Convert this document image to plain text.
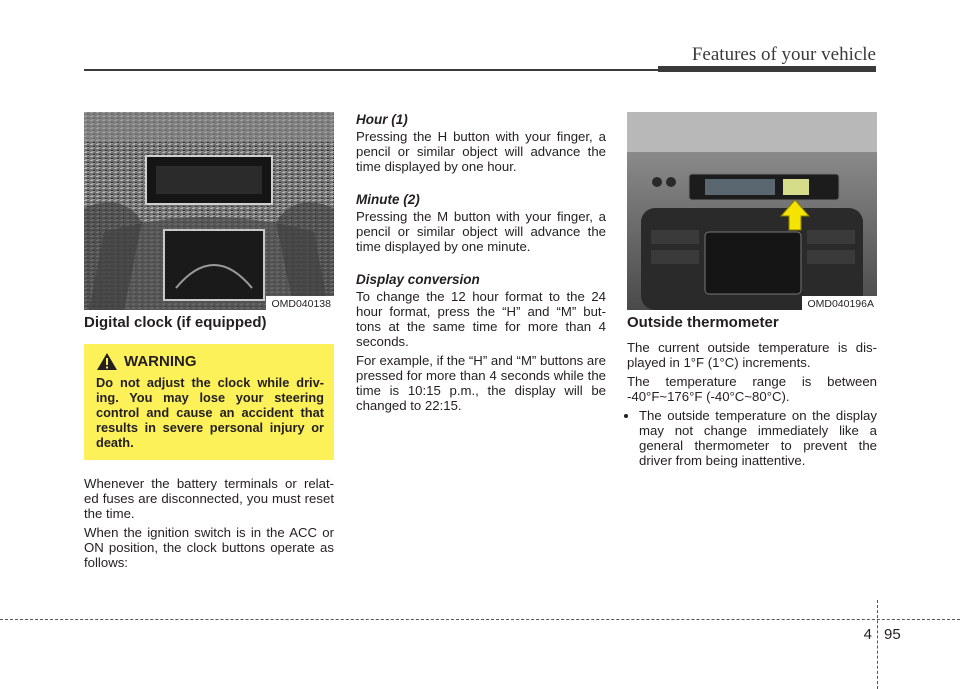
Features of your vehicle
OMD040138
Digital clock (if equipped)
WARNING
Do not adjust the clock while driv- ing. You may lose your steering control and cause an accident that results in severe personal injury or death.

Whenever the battery terminals or relat- ed fuses are disconnected, you must reset the time.

When the ignition switch is in the ACC or ON position, the clock buttons operate as follows:

Hour (1)

Pressing the H button with your finger, a pencil or similar object will advance the time displayed by one hour.

Minute (2)

Pressing the M button with your finger, a pencil or similar object will advance the time displayed by one minute.

Display conversion

To change the 12 hour format to the 24 hour format, press the “H” and “M” but- tons at the same time for more than 4 seconds.

For example, if the “H” and “M” buttons are pressed for more than 4 seconds while the time is 10:15 p.m., the display will be changed to 22:15.

OMD040196A
Outside thermometer

The current outside temperature is dis- played in 1°F (1°C) increments.

The temperature range is between -40°F~176°F (-40°C~80°C).

• The outside temperature on the display may not change immediately like a general thermometer to prevent the driver from being inattentive.
4 95
